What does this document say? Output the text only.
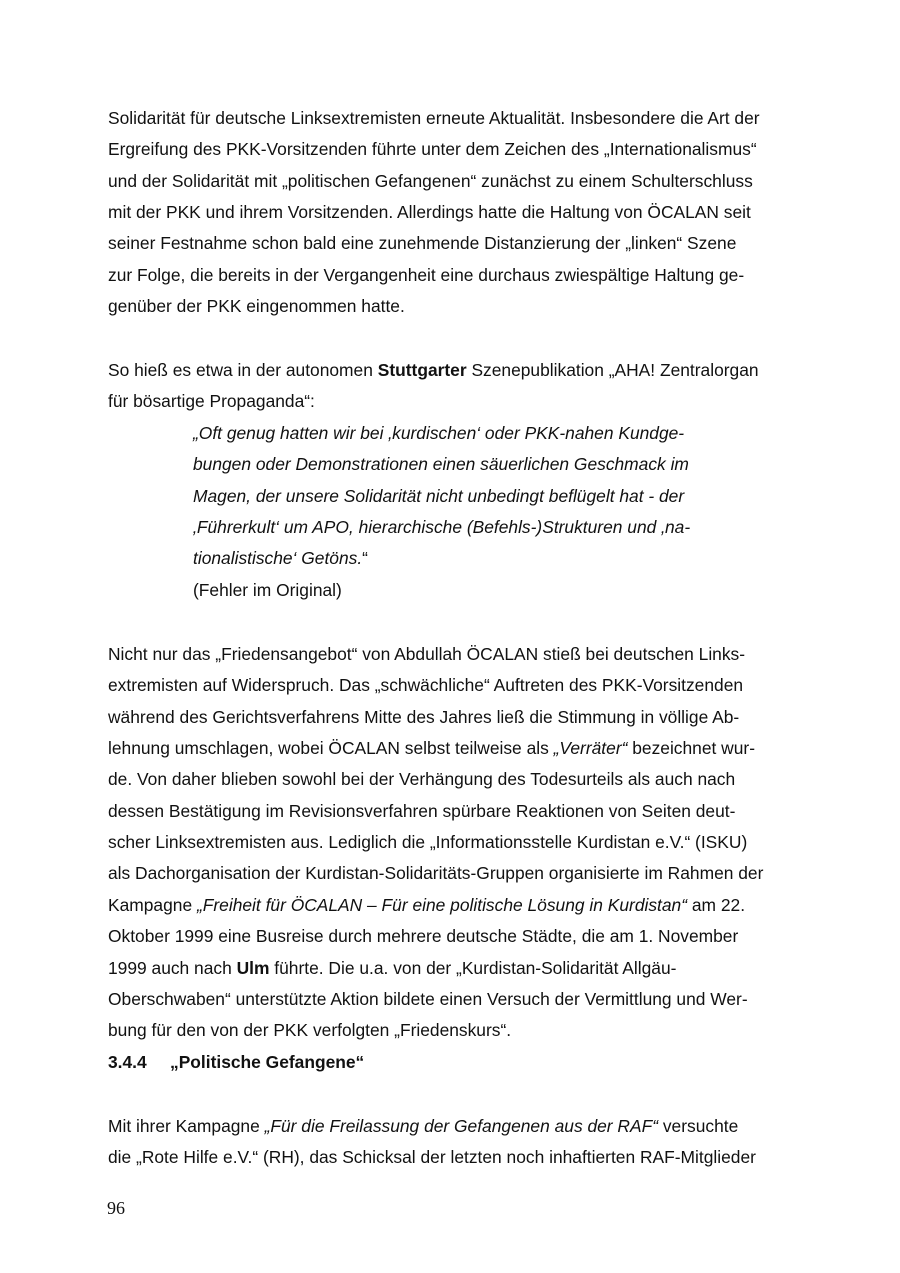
Solidarität für deutsche Linksextremisten erneute Aktualität. Insbesondere die Art der
Ergreifung des PKK-Vorsitzenden führte unter dem Zeichen des „Internationalismus“
und der Solidarität mit „politischen Gefangenen“ zunächst zu einem Schulterschluss
mit der PKK und ihrem Vorsitzenden. Allerdings hatte die Haltung von ÖCALAN seit
seiner Festnahme schon bald eine zunehmende Distanzierung der „linken“ Szene
zur Folge, die bereits in der Vergangenheit eine durchaus zwiespältige Haltung ge-
genüber der PKK eingenommen hatte.
So hieß es etwa in der autonomen Stuttgarter Szenepublikation „AHA! Zentralorgan
für bösartige Propaganda“:
„Oft genug hatten wir bei ‚kurdischen‘ oder PKK-nahen Kundge-
bungen oder Demonstrationen einen säuerlichen Geschmack im
Magen, der unsere Solidarität nicht unbedingt beflügelt hat - der
‚Führerkult‘ um APO, hierarchische (Befehls-)Strukturen und ‚na-
tionalistische‘ Getöns.“
(Fehler im Original)
Nicht nur das „Friedensangebot“ von Abdullah ÖCALAN stieß bei deutschen Links-
extremisten auf Widerspruch. Das „schwächliche“ Auftreten des PKK-Vorsitzenden
während des Gerichtsverfahrens Mitte des Jahres ließ die Stimmung in völlige Ab-
lehnung umschlagen, wobei ÖCALAN selbst teilweise als „Verräter“ bezeichnet wur-
de. Von daher blieben sowohl bei der Verhängung des Todesurteils als auch nach
dessen Bestätigung im Revisionsverfahren spürbare Reaktionen von Seiten deut-
scher Linksextremisten aus. Lediglich die „Informationsstelle Kurdistan e.V.“ (ISKU)
als Dachorganisation der Kurdistan-Solidaritäts-Gruppen organisierte im Rahmen der
Kampagne „Freiheit für ÖCALAN – Für eine politische Lösung in Kurdistan“ am 22.
Oktober 1999 eine Busreise durch mehrere deutsche Städte, die am 1. November
1999 auch nach Ulm führte. Die u.a. von der „Kurdistan-Solidarität Allgäu-
Oberschwaben“ unterstützte Aktion bildete einen Versuch der Vermittlung und Wer-
bung für den von der PKK verfolgten „Friedenskurs“.
3.4.4 „Politische Gefangene“
Mit ihrer Kampagne „Für die Freilassung der Gefangenen aus der RAF“ versuchte
die „Rote Hilfe e.V.“ (RH), das Schicksal der letzten noch inhaftierten RAF-Mitglieder
96
